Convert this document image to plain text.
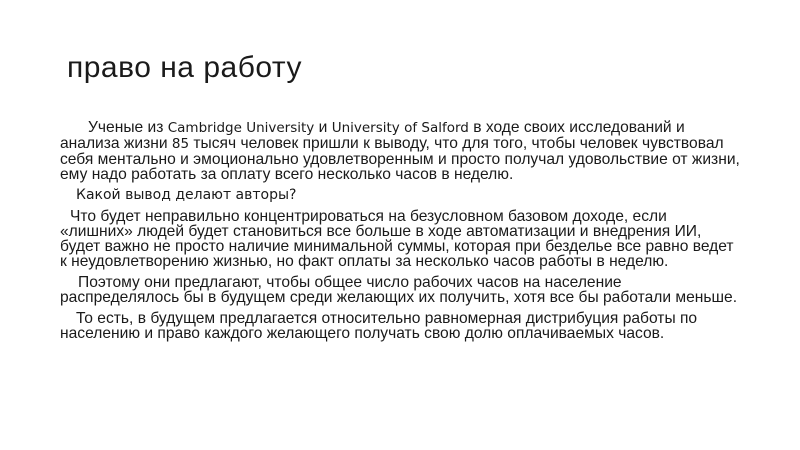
право на работу

Ученые из Cambridge University и University of Salford в ходе своих исследований и анализа жизни 85 тысяч человек пришли к выводу, что для того, чтобы человек чувствовал себя ментально и эмоционально удовлетворенным и просто получал удовольствие от жизни, ему надо работать за оплату всего несколько часов в неделю.

Какой вывод делают авторы?

Что будет неправильно концентрироваться на безусловном базовом доходе, если «лишних» людей будет становиться все больше в ходе автоматизации и внедрения ИИ, будет важно не просто наличие минимальной суммы, которая при безделье все равно ведет к неудовлетворению жизнью, но факт оплаты за несколько часов работы в неделю.

Поэтому они предлагают, чтобы общее число рабочих часов на население распределялось бы в будущем среди желающих их получить, хотя все бы работали меньше.

То есть, в будущем предлагается относительно равномерная дистрибуция работы по населению и право каждого желающего получать свою долю оплачиваемых часов.
